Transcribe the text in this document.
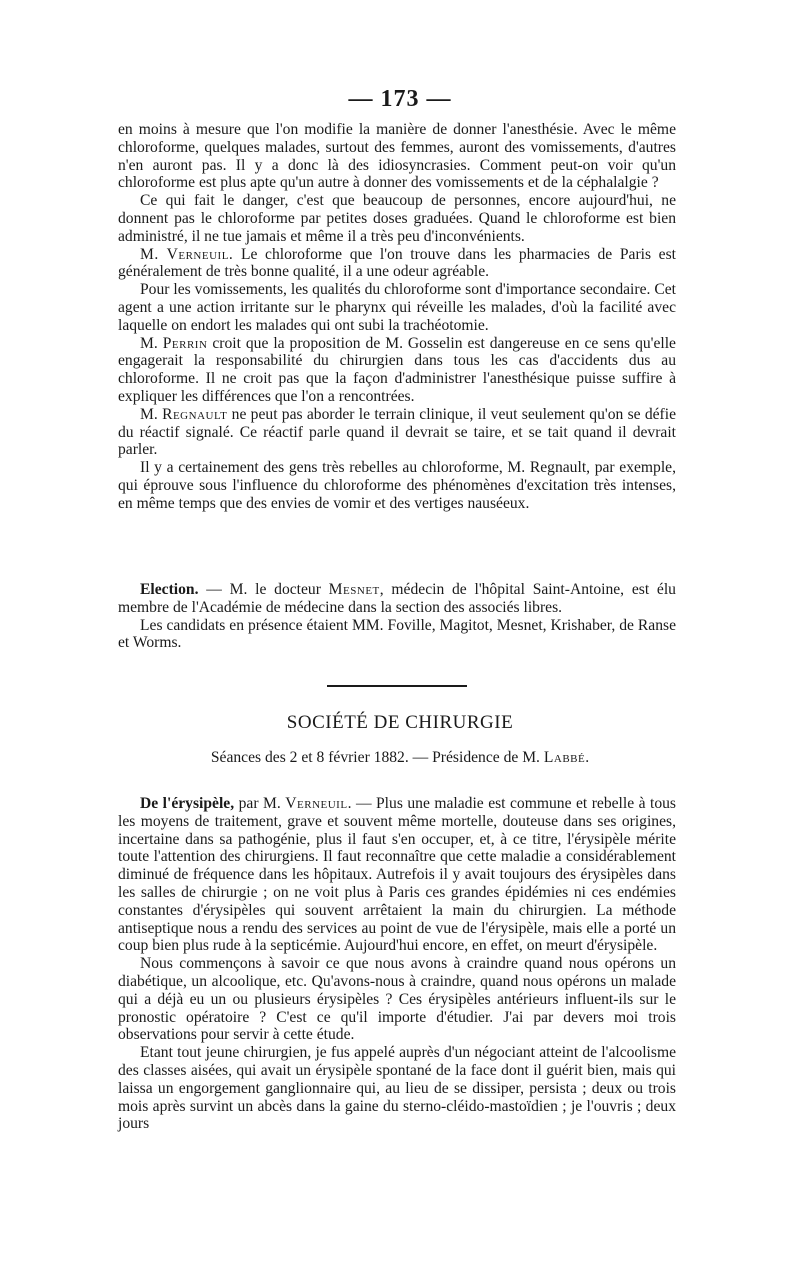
— 173 —

en moins à mesure que l'on modifie la manière de donner l'anesthésie. Avec le même chloroforme, quelques malades, surtout des femmes, auront des vomissements, d'autres n'en auront pas. Il y a donc là des idiosyncrasies. Comment peut-on voir qu'un chloroforme est plus apte qu'un autre à donner des vomissements et de la céphalalgie ?

Ce qui fait le danger, c'est que beaucoup de personnes, encore aujourd'hui, ne donnent pas le chloroforme par petites doses graduées. Quand le chloroforme est bien administré, il ne tue jamais et même il a très peu d'inconvénients.

M. Verneuil. Le chloroforme que l'on trouve dans les pharmacies de Paris est généralement de très bonne qualité, il a une odeur agréable.

Pour les vomissements, les qualités du chloroforme sont d'importance secondaire. Cet agent a une action irritante sur le pharynx qui réveille les malades, d'où la facilité avec laquelle on endort les malades qui ont subi la trachéotomie.

M. Perrin croit que la proposition de M. Gosselin est dangereuse en ce sens qu'elle engagerait la responsabilité du chirurgien dans tous les cas d'accidents dus au chloroforme. Il ne croit pas que la façon d'administrer l'anesthésique puisse suffire à expliquer les différences que l'on a rencontrées.

M. Regnault ne peut pas aborder le terrain clinique, il veut seulement qu'on se défie du réactif signalé. Ce réactif parle quand il devrait se taire, et se tait quand il devrait parler.

Il y a certainement des gens très rebelles au chloroforme, M. Regnault, par exemple, qui éprouve sous l'influence du chloroforme des phénomènes d'excitation très intenses, en même temps que des envies de vomir et des vertiges nauséeux.

Election. — M. le docteur Mesnet, médecin de l'hôpital Saint-Antoine, est élu membre de l'Académie de médecine dans la section des associés libres.

Les candidats en présence étaient MM. Foville, Magitot, Mesnet, Krishaber, de Ranse et Worms.

SOCIÉTÉ DE CHIRURGIE
Séances des 2 et 8 février 1882. — Présidence de M. Labbé.

De l'érysipèle, par M. Verneuil. — Plus une maladie est commune et rebelle à tous les moyens de traitement, grave et souvent même mortelle, douteuse dans ses origines, incertaine dans sa pathogénie, plus il faut s'en occuper, et, à ce titre, l'érysipèle mérite toute l'attention des chirurgiens. Il faut reconnaître que cette maladie a considérablement diminué de fréquence dans les hôpitaux. Autrefois il y avait toujours des érysipèles dans les salles de chirurgie ; on ne voit plus à Paris ces grandes épidémies ni ces endémies constantes d'érysipèles qui souvent arrêtaient la main du chirurgien. La méthode antiseptique nous a rendu des services au point de vue de l'érysipèle, mais elle a porté un coup bien plus rude à la septicémie. Aujourd'hui encore, en effet, on meurt d'érysipèle.

Nous commençons à savoir ce que nous avons à craindre quand nous opérons un diabétique, un alcoolique, etc. Qu'avons-nous à craindre, quand nous opérons un malade qui a déjà eu un ou plusieurs érysipèles ? Ces érysipèles antérieurs influent-ils sur le pronostic opératoire ? C'est ce qu'il importe d'étudier. J'ai par devers moi trois observations pour servir à cette étude.

Etant tout jeune chirurgien, je fus appelé auprès d'un négociant atteint de l'alcoolisme des classes aisées, qui avait un érysipèle spontané de la face dont il guérit bien, mais qui laissa un engorgement ganglionnaire qui, au lieu de se dissiper, persista ; deux ou trois mois après survint un abcès dans la gaine du sterno-cléido-mastoïdien ; je l'ouvris ; deux jours
